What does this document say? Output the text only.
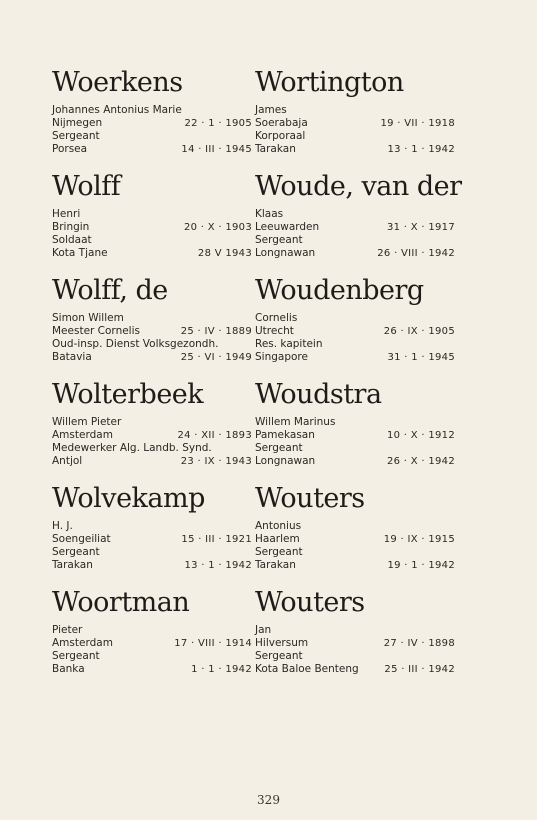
Woerkens
Johannes Antonius Marie
Nijmegen	22 · 1 · 1905
Sergeant
Porsea	14 · III · 1945
Wortington
James
Soerabaja	19 · VII · 1918
Korporaal
Tarakan	13 · 1 · 1942
Wolff
Henri
Bringin	20 · X · 1903
Soldaat
Kota Tjane	28 V 1943
Woude, van der
Klaas
Leeuwarden	31 · X · 1917
Sergeant
Longnawan	26 · VIII · 1942
Wolff, de
Simon Willem
Meester Cornelis	25 · IV · 1889
Oud-insp. Dienst Volksgezondh.
Batavia	25 · VI · 1949
Woudenberg
Cornelis
Utrecht	26 · IX · 1905
Res. kapitein
Singapore	31 · 1 · 1945
Wolterbeek
Willem Pieter
Amsterdam	24 · XII · 1893
Medewerker Alg. Landb. Synd.
Antjol	23 · IX · 1943
Woudstra
Willem Marinus
Pamekasan	10 · X · 1912
Sergeant
Longnawan	26 · X · 1942
Wolvekamp
H. J.
Soengeiliat	15 · III · 1921
Sergeant
Tarakan	13 · 1 · 1942
Wouters
Antonius
Haarlem	19 · IX · 1915
Sergeant
Tarakan	19 · 1 · 1942
Woortman
Pieter
Amsterdam	17 · VIII · 1914
Sergeant
Banka	1 · 1 · 1942
Wouters
Jan
Hilversum	27 · IV · 1898
Sergeant
Kota Baloe Benteng	25 · III · 1942
329
